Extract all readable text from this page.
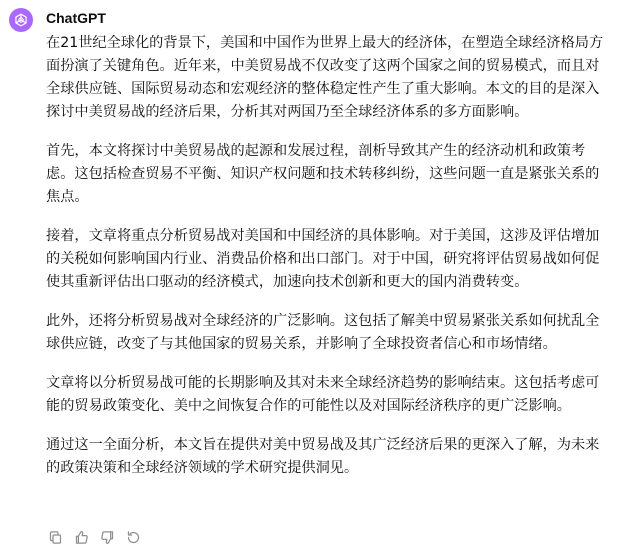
ChatGPT

在21世纪全球化的背景下，美国和中国作为世界上最大的经济体，在塑造全球经济格局方面扮演了关键角色。近年来，中美贸易战不仅改变了这两个国家之间的贸易模式，而且对全球供应链、国际贸易动态和宏观经济的整体稳定性产生了重大影响。本文的目的是深入探讨中美贸易战的经济后果，分析其对两国乃至全球经济体系的多方面影响。

首先，本文将探讨中美贸易战的起源和发展过程，剖析导致其产生的经济动机和政策考虑。这包括检查贸易不平衡、知识产权问题和技术转移纠纷，这些问题一直是紧张关系的焦点。

接着，文章将重点分析贸易战对美国和中国经济的具体影响。对于美国，这涉及评估增加的关税如何影响国内行业、消费品价格和出口部门。对于中国，研究将评估贸易战如何促使其重新评估出口驱动的经济模式，加速向技术创新和更大的国内消费转变。

此外，还将分析贸易战对全球经济的广泛影响。这包括了解美中贸易紧张关系如何扰乱全球供应链，改变了与其他国家的贸易关系，并影响了全球投资者信心和市场情绪。

文章将以分析贸易战可能的长期影响及其对未来全球经济趋势的影响结束。这包括考虑可能的贸易政策变化、美中之间恢复合作的可能性以及对国际经济秩序的更广泛影响。

通过这一全面分析，本文旨在提供对美中贸易战及其广泛经济后果的更深入了解，为未来的政策决策和全球经济领域的学术研究提供洞见。
